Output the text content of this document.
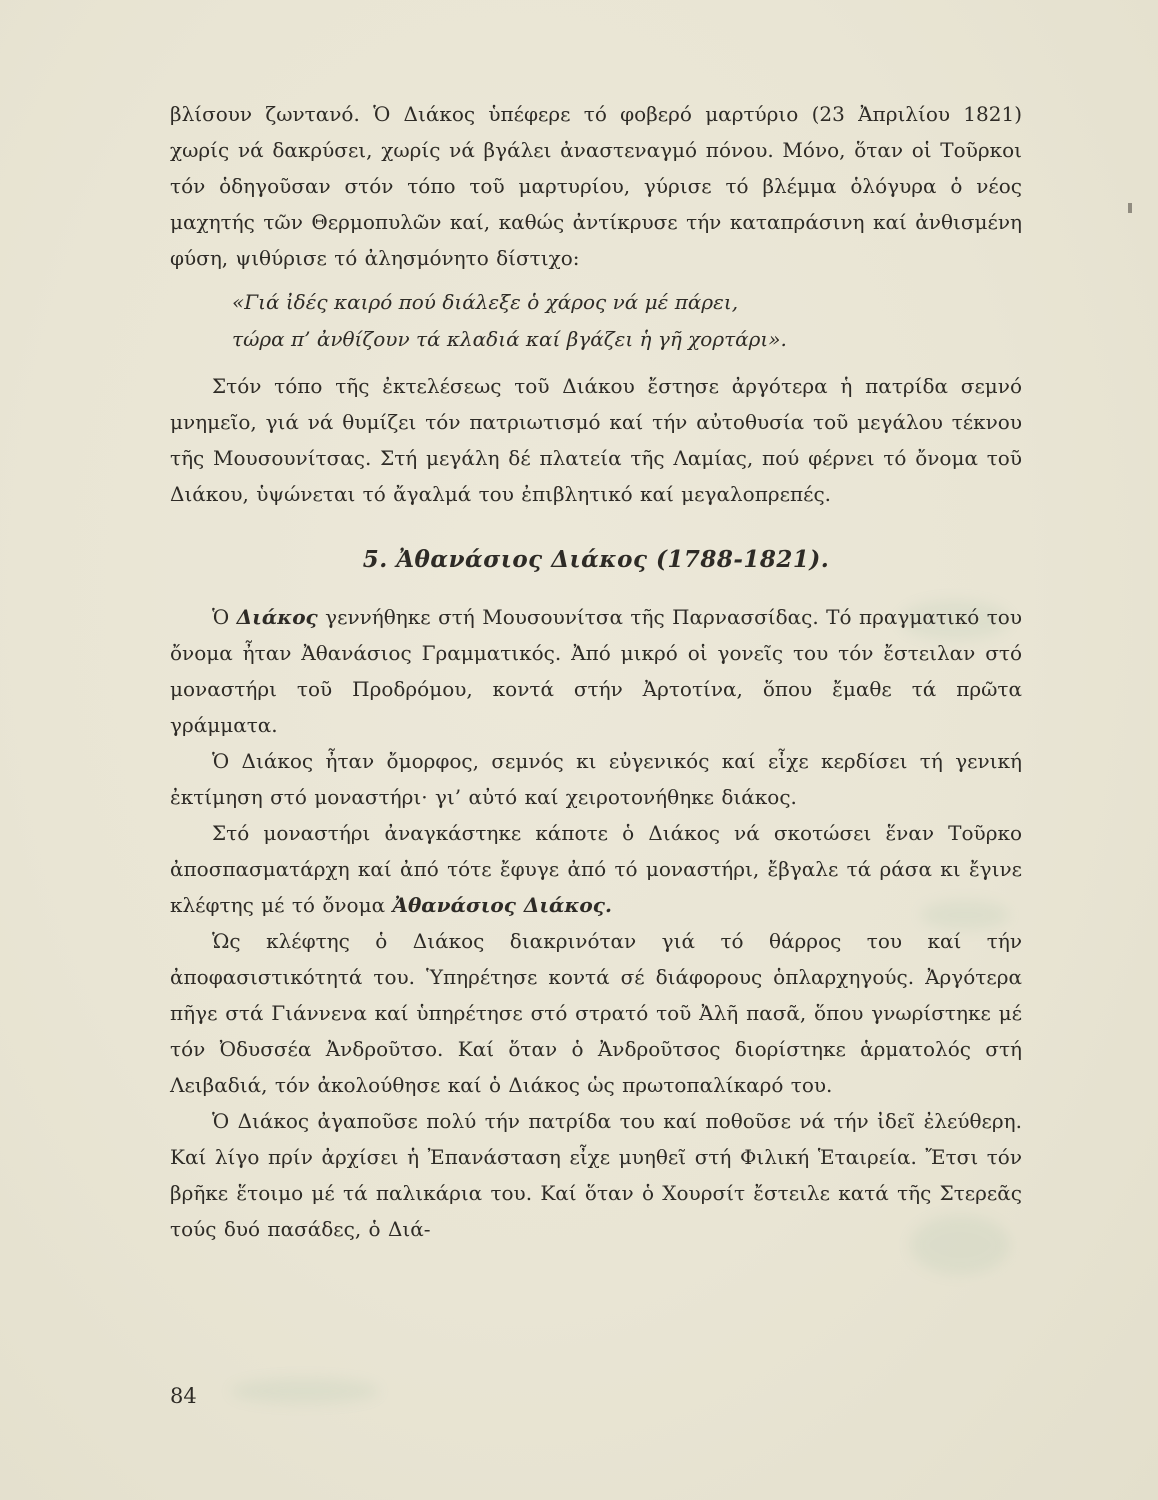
βλίσουν ζωντανό. Ὁ Διάκος ὑπέφερε τό φοβερό μαρτύριο (23 Ἀπριλίου 1821) χωρίς νά δακρύσει, χωρίς νά βγάλει ἀναστεναγμό πόνου. Μόνο, ὅταν οἱ Τοῦρκοι τόν ὁδηγοῦσαν στόν τόπο τοῦ μαρτυρίου, γύρισε τό βλέμμα ὁλόγυρα ὁ νέος μαχητής τῶν Θερμοπυλῶν καί, καθώς ἀντίκρυσε τήν καταπράσινη καί ἀνθισμένη φύση, ψιθύρισε τό ἀλησμόνητο δίστιχο:

«Γιά ἰδές καιρό πού διάλεξε ὁ χάρος νά μέ πάρει,
τώρα π’ ἀνθίζουν τά κλαδιά καί βγάζει ἡ γῆ χορτάρι».

Στόν τόπο τῆς ἐκτελέσεως τοῦ Διάκου ἔστησε ἀργότερα ἡ πατρίδα σεμνό μνημεῖο, γιά νά θυμίζει τόν πατριωτισμό καί τήν αὐτοθυσία τοῦ μεγάλου τέκνου τῆς Μουσουνίτσας. Στή μεγάλη δέ πλατεία τῆς Λαμίας, πού φέρνει τό ὄνομα τοῦ Διάκου, ὑψώνεται τό ἄγαλμά του ἐπιβλητικό καί μεγαλοπρεπές.

5. Ἀθανάσιος Διάκος (1788-1821).

Ὁ Διάκος γεννήθηκε στή Μουσουνίτσα τῆς Παρνασσίδας. Τό πραγματικό του ὄνομα ἦταν Ἀθανάσιος Γραμματικός. Ἀπό μικρό οἱ γονεῖς του τόν ἔστειλαν στό μοναστήρι τοῦ Προδρόμου, κοντά στήν Ἀρτοτίνα, ὅπου ἔμαθε τά πρῶτα γράμματα.

Ὁ Διάκος ἦταν ὄμορφος, σεμνός κι εὐγενικός καί εἶχε κερδίσει τή γενική ἐκτίμηση στό μοναστήρι· γι’ αὐτό καί χειροτονήθηκε διάκος.

Στό μοναστήρι ἀναγκάστηκε κάποτε ὁ Διάκος νά σκοτώσει ἕναν Τοῦρκο ἀποσπασματάρχη καί ἀπό τότε ἔφυγε ἀπό τό μοναστήρι, ἔβγαλε τά ράσα κι ἔγινε κλέφτης μέ τό ὄνομα Ἀθανάσιος Διάκος.

Ὡς κλέφτης ὁ Διάκος διακρινόταν γιά τό θάρρος του καί τήν ἀποφασιστικότητά του. Ὑπηρέτησε κοντά σέ διάφορους ὁπλαρχηγούς. Ἀργότερα πῆγε στά Γιάννενα καί ὑπηρέτησε στό στρατό τοῦ Ἀλῆ πασᾶ, ὅπου γνωρίστηκε μέ τόν Ὀδυσσέα Ἀνδροῦτσο. Καί ὅταν ὁ Ἀνδροῦτσος διορίστηκε ἁρματολός στή Λειβαδιά, τόν ἀκολούθησε καί ὁ Διάκος ὡς πρωτοπαλίκαρό του.

Ὁ Διάκος ἀγαποῦσε πολύ τήν πατρίδα του καί ποθοῦσε νά τήν ἰδεῖ ἐλεύθερη. Καί λίγο πρίν ἀρχίσει ἡ Ἐπανάσταση εἶχε μυηθεῖ στή Φιλική Ἑταιρεία. Ἔτσι τόν βρῆκε ἕτοιμο μέ τά παλικάρια του. Καί ὅταν ὁ Χουρσίτ ἔστειλε κατά τῆς Στερεᾶς τούς δυό πασάδες, ὁ Διά-

84
